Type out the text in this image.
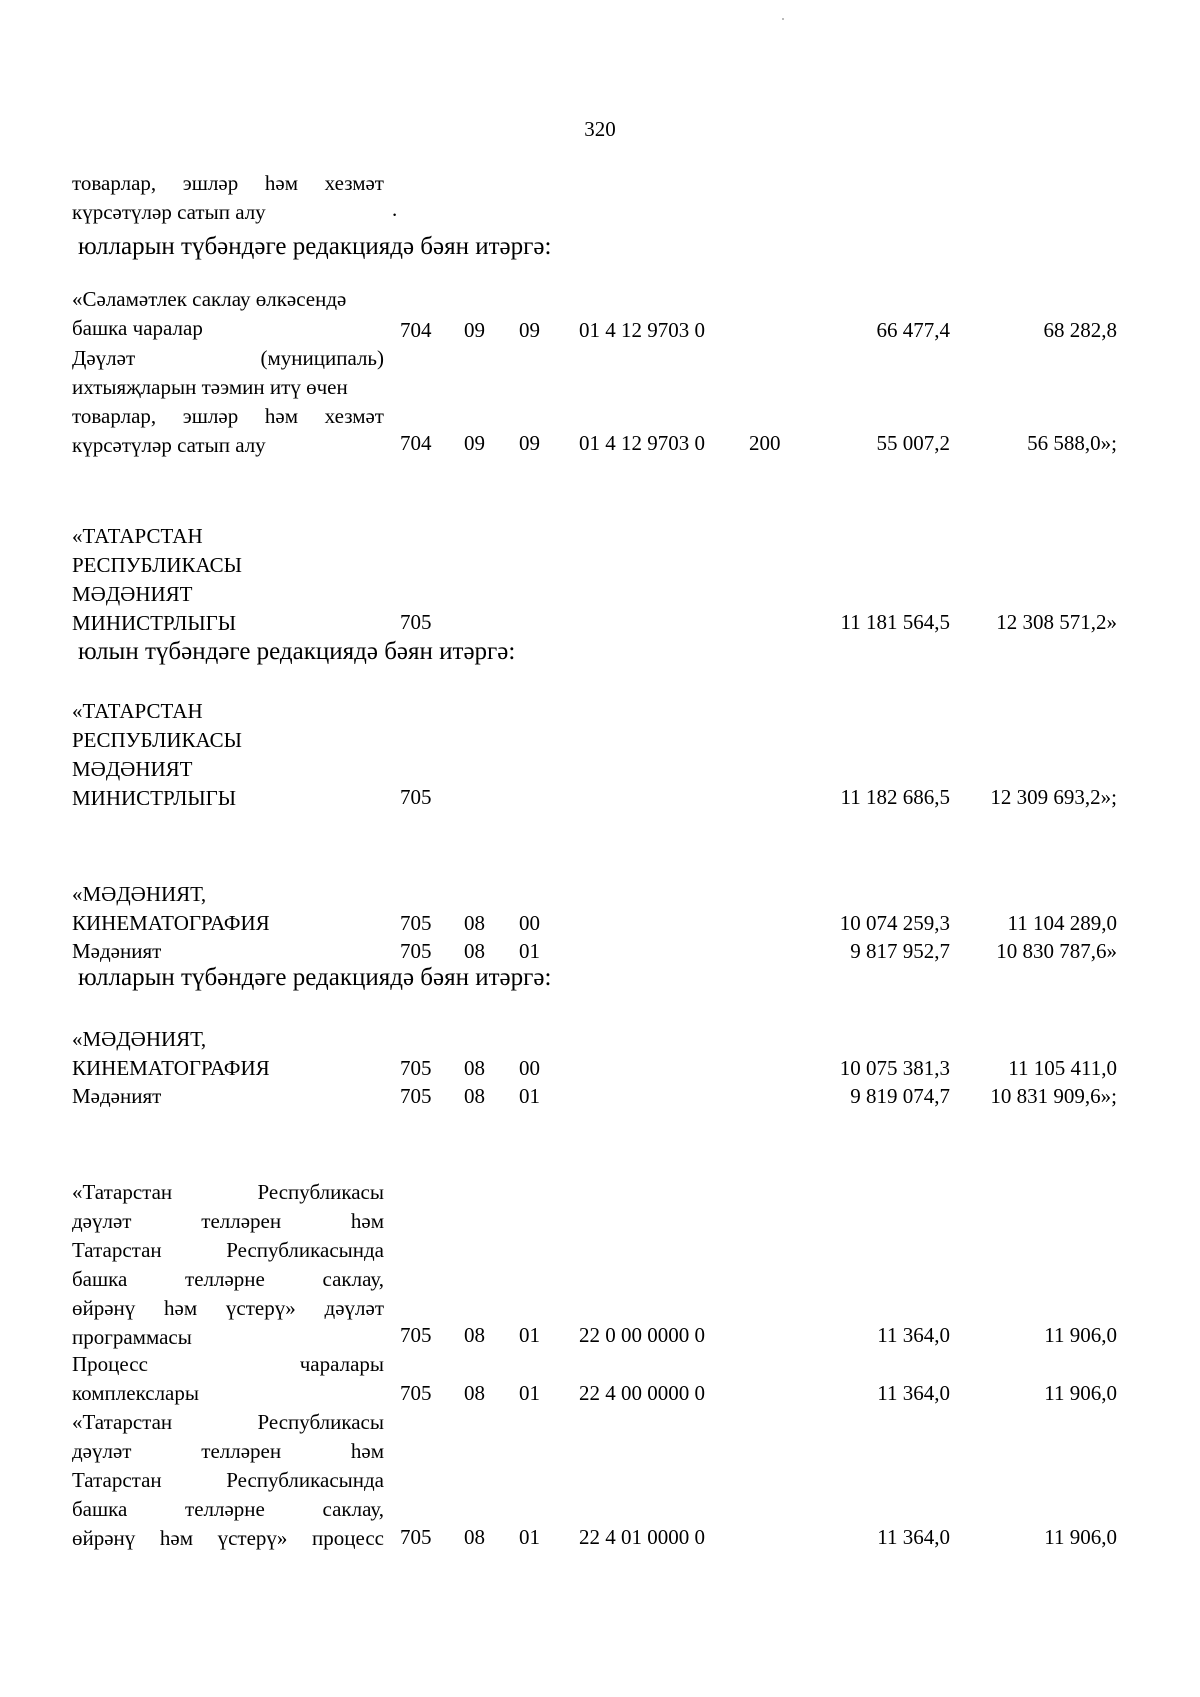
320
товарлар, эшләр һәм хезмәт
күрсәтүләр сатып алу	.
юлларын түбәндәге редакциядә бәян итәргә:
«Сәламәтлек саклау өлкәсендә
башка чаралар	704	09	09	01 4 12 9703 0	66 477,4	68 282,8
Дәүләт (муниципаль)
ихтыяҗларын тәэмин итү өчен
товарлар, эшләр һәм хезмәт
күрсәтүләр сатып алу	704	09	09	01 4 12 9703 0	200	55 007,2	56 588,0»;
«ТАТАРСТАН
РЕСПУБЛИКАСЫ
МӘДӘНИЯТ
МИНИСТРЛЫГЫ	705	11 181 564,5	12 308 571,2»
юлын түбәндәге редакциядә бәян итәргә:
«ТАТАРСТАН
РЕСПУБЛИКАСЫ
МӘДӘНИЯТ
МИНИСТРЛЫГЫ	705	11 182 686,5	12 309 693,2»;
«МӘДӘНИЯТ,
КИНЕМАТОГРАФИЯ	705	08	00	10 074 259,3	11 104 289,0
Мәдәният	705	08	01	9 817 952,7	10 830 787,6»
юлларын түбәндәге редакциядә бәян итәргә:
«МӘДӘНИЯТ,
КИНЕМАТОГРАФИЯ	705	08	00	10 075 381,3	11 105 411,0
Мәдәният	705	08	01	9 819 074,7	10 831 909,6»;
«Татарстан Республикасы
дәүләт телләрен һәм
Татарстан Республикасында
башка телләрне саклау,
өйрәнү һәм үстерү» дәүләт
программасы	705	08	01	22 0 00 0000 0	11 364,0	11 906,0
Процесс чаралары
комплекслары	705	08	01	22 4 00 0000 0	11 364,0	11 906,0
«Татарстан Республикасы
дәүләт телләрен һәм
Татарстан Республикасында
башка телләрне саклау,
өйрәнү һәм үстерү» процесс 705	08	01	22 4 01 0000 0	11 364,0	11 906,0
